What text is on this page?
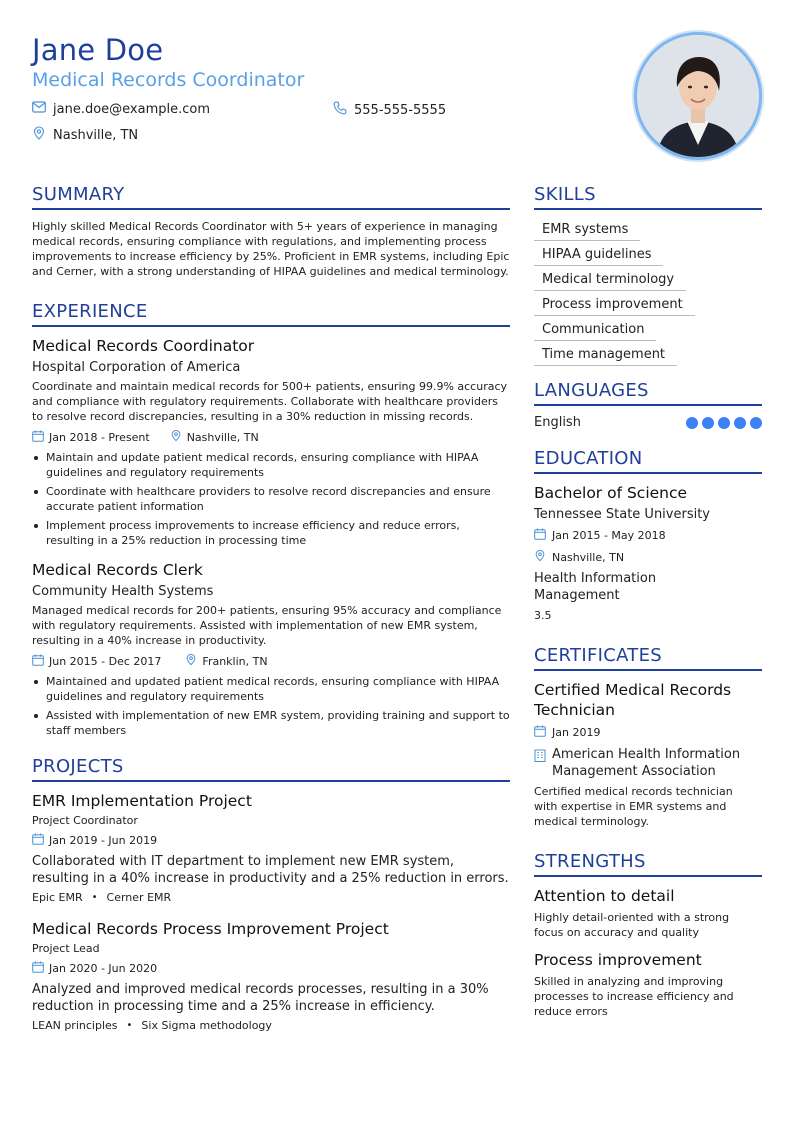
Jane Doe
Medical Records Coordinator
jane.doe@example.com	555-555-5555
Nashville, TN
SUMMARY

Highly skilled Medical Records Coordinator with 5+ years of experience in managing medical records, ensuring compliance with regulations, and implementing process improvements to increase efficiency by 25%. Proficient in EMR systems, including Epic and Cerner, with a strong understanding of HIPAA guidelines and medical terminology.

EXPERIENCE
Medical Records Coordinator
Hospital Corporation of America

Coordinate and maintain medical records for 500+ patients, ensuring 99.9% accuracy and compliance with regulatory requirements. Collaborate with healthcare providers to resolve record discrepancies, resulting in a 30% reduction in missing records.

Jan 2018 - Present	Nashville, TN
Maintain and update patient medical records, ensuring compliance with HIPAA guidelines and regulatory requirements
Coordinate with healthcare providers to resolve record discrepancies and ensure accurate patient information
Implement process improvements to increase efficiency and reduce errors, resulting in a 25% reduction in processing time
Medical Records Clerk
Community Health Systems

Managed medical records for 200+ patients, ensuring 95% accuracy and compliance with regulatory requirements. Assisted with implementation of new EMR system, resulting in a 40% increase in productivity.

Jun 2015 - Dec 2017	Franklin, TN
Maintained and updated patient medical records, ensuring compliance with HIPAA guidelines and regulatory requirements
Assisted with implementation of new EMR system, providing training and support to staff members
PROJECTS
EMR Implementation Project
Project Coordinator
Jan 2019 - Jun 2019

Collaborated with IT department to implement new EMR system, resulting in a 40% increase in productivity and a 25% reduction in errors.

Epic EMR • Cerner EMR
Medical Records Process Improvement Project
Project Lead
Jan 2020 - Jun 2020

Analyzed and improved medical records processes, resulting in a 30% reduction in processing time and a 25% increase in efficiency.

LEAN principles • Six Sigma methodology
SKILLS
EMR systems
HIPAA guidelines
Medical terminology
Process improvement
Communication
Time management
LANGUAGES
English
EDUCATION
Bachelor of Science
Tennessee State University
Jan 2015 - May 2018
Nashville, TN
Health Information Management
3.5
CERTIFICATES
Certified Medical Records Technician
Jan 2019
American Health Information Management Association
Certified medical records technician with expertise in EMR systems and medical terminology.
STRENGTHS
Attention to detail
Highly detail-oriented with a strong focus on accuracy and quality
Process improvement
Skilled in analyzing and improving processes to increase efficiency and reduce errors
